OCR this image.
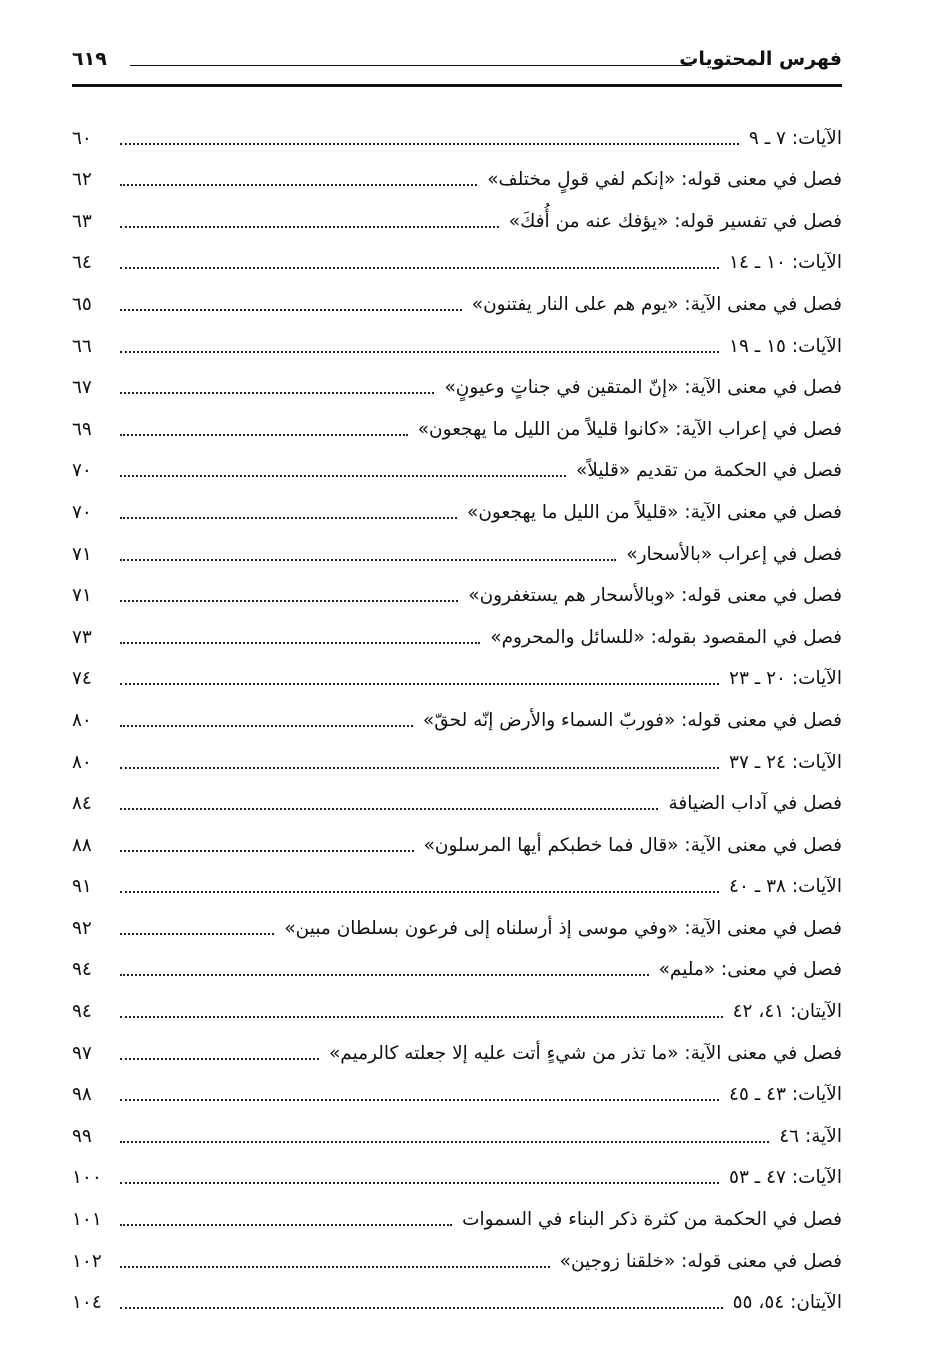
فهرس المحتويات
٦١٩
الآيات: ٧ ـ ٩
٦٠
فصل في معنى قوله: «إنكم لفي قولٍ مختلف»
٦٢
فصل في تفسير قوله: «يؤفك عنه من أُفكَ»
٦٣
الآيات: ١٠ ـ ١٤
٦٤
فصل في معنى الآية: «يوم هم على النار يفتنون»
٦٥
الآيات: ١٥ ـ ١٩
٦٦
فصل في معنى الآية: «إنّ المتقين في جناتٍ وعيونٍ»
٦٧
فصل في إعراب الآية: «كانوا قليلاً من الليل ما يهجعون»
٦٩
فصل في الحكمة من تقديم «قليلاً»
٧٠
فصل في معنى الآية: «قليلاً من الليل ما يهجعون»
٧٠
فصل في إعراب «بالأسحار»
٧١
فصل في معنى قوله: «وبالأسحار هم يستغفرون»
٧١
فصل في المقصود بقوله: «للسائل والمحروم»
٧٣
الآيات: ٢٠ ـ ٢٣
٧٤
فصل في معنى قوله: «فوربّ السماء والأرض إنّه لحقّ»
٨٠
الآيات: ٢٤ ـ ٣٧
٨٠
فصل في آداب الضيافة
٨٤
فصل في معنى الآية: «قال فما خطبكم أيها المرسلون»
٨٨
الآيات: ٣٨ ـ ٤٠
٩١
فصل في معنى الآية: «وفي موسى إذ أرسلناه إلى فرعون بسلطان مبين»
٩٢
فصل في معنى: «مليم»
٩٤
الآيتان: ٤١، ٤٢
٩٤
فصل في معنى الآية: «ما تذر من شيءٍ أتت عليه إلا جعلته كالرميم»
٩٧
الآيات: ٤٣ ـ ٤٥
٩٨
الآية: ٤٦
٩٩
الآيات: ٤٧ ـ ٥٣
١٠٠
فصل في الحكمة من كثرة ذكر البناء في السموات
١٠١
فصل في معنى قوله: «خلقنا زوجين»
١٠٢
الآيتان: ٥٤، ٥٥
١٠٤
